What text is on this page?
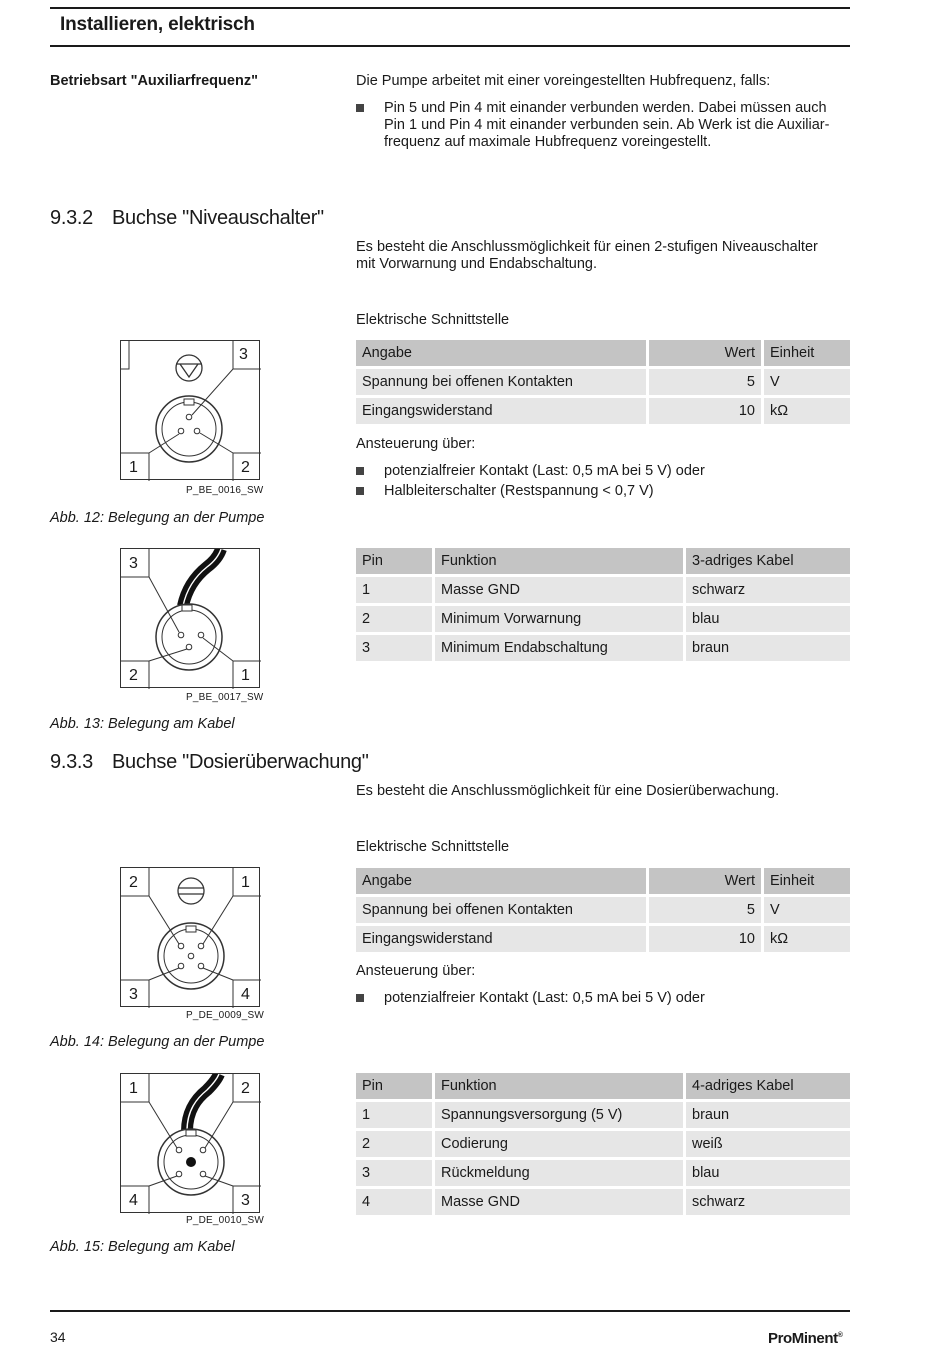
Installieren, elektrisch
Betriebsart "Auxiliarfrequenz"	Die Pumpe arbeitet mit einer voreingestellten Hubfrequenz, falls:
Pin 5 und Pin 4 mit einander verbunden werden. Dabei müssen auch
Pin 1 und Pin 4 mit einander verbunden sein. Ab Werk ist die Auxiliar-
frequenz auf maximale Hubfrequenz voreingestellt.
9.3.2 Buchse "Niveauschalter"
Es besteht die Anschlussmöglichkeit für einen 2-stufigen Niveauschalter
mit Vorwarnung und Endabschaltung.
Elektrische Schnittstelle
Angabe	Wert	Einheit
Spannung bei offenen Kontakten	5	V
Eingangswiderstand	10	kΩ
Ansteuerung über:
potenzialfreier Kontakt (Last: 0,5 mA bei 5 V) oder
Halbleiterschalter (Restspannung < 0,7 V)
3
1	2
P_BE_0016_SW
Abb. 12: Belegung an der Pumpe
3
2	1
P_BE_0017_SW
Abb. 13: Belegung am Kabel
Pin	Funktion	3-adriges Kabel
1	Masse GND	schwarz
2	Minimum Vorwarnung	blau
3	Minimum Endabschaltung	braun
9.3.3 Buchse "Dosierüberwachung"
Es besteht die Anschlussmöglichkeit für eine Dosierüberwachung.
Elektrische Schnittstelle
Angabe	Wert	Einheit
Spannung bei offenen Kontakten	5	V
Eingangswiderstand	10	kΩ
Ansteuerung über:
potenzialfreier Kontakt (Last: 0,5 mA bei 5 V) oder
2	1
3	4
P_DE_0009_SW
Abb. 14: Belegung an der Pumpe
1	2
4	3
P_DE_0010_SW
Abb. 15: Belegung am Kabel
Pin	Funktion	4-adriges Kabel
1	Spannungsversorgung (5 V)	braun
2	Codierung	weiß
3	Rückmeldung	blau
4	Masse GND	schwarz
34	ProMinent®
